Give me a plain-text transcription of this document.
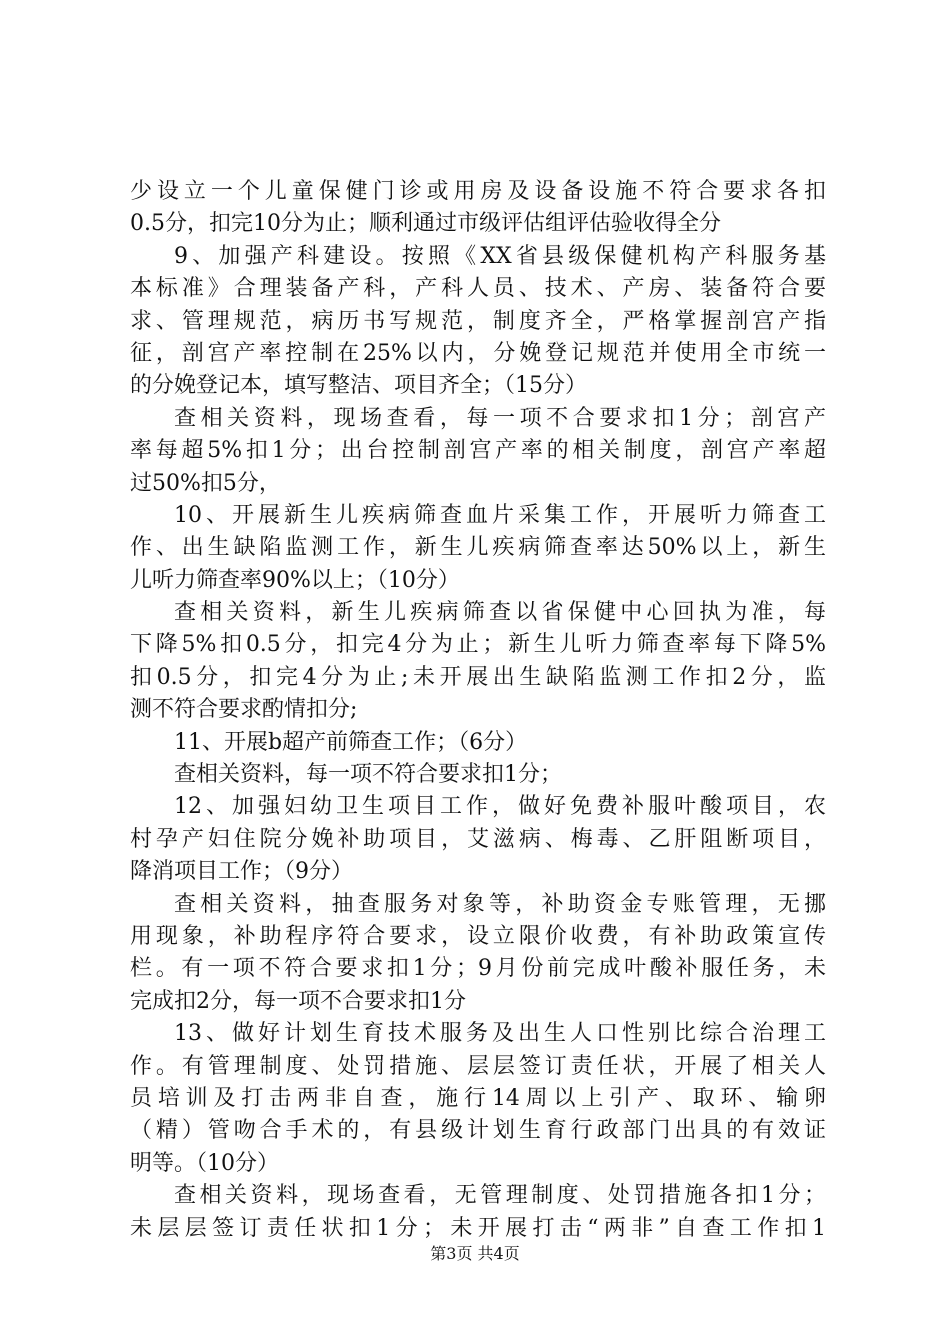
少设立一个儿童保健门诊或用房及设备设施不符合要求各扣
0.5分，扣完10分为止；顺利通过市级评估组评估验收得全分
9、加强产科建设。按照《XX省县级保健机构产科服务基
本标准》合理装备产科，产科人员、技术、产房、装备符合要
求、管理规范，病历书写规范，制度齐全，严格掌握剖宫产指
征，剖宫产率控制在25%以内，分娩登记规范并使用全市统一
的分娩登记本，填写整洁、项目齐全；（15分）
查相关资料，现场查看，每一项不合要求扣1分；剖宫产
率每超5%扣1分；出台控制剖宫产率的相关制度，剖宫产率超
过50%扣5分，
10、开展新生儿疾病筛查血片采集工作，开展听力筛查工
作、出生缺陷监测工作，新生儿疾病筛查率达50%以上，新生
儿听力筛查率90%以上；（10分）
查相关资料，新生儿疾病筛查以省保健中心回执为准，每
下降5%扣0.5分，扣完4分为止；新生儿听力筛查率每下降5%
扣0.5分，扣完4分为止;未开展出生缺陷监测工作扣2分，监
测不符合要求酌情扣分;
11、开展b超产前筛查工作；（6分）
查相关资料，每一项不符合要求扣1分；
12、加强妇幼卫生项目工作，做好免费补服叶酸项目，农
村孕产妇住院分娩补助项目，艾滋病、梅毒、乙肝阻断项目，
降消项目工作；（9分）
查相关资料，抽查服务对象等，补助资金专账管理，无挪
用现象，补助程序符合要求，设立限价收费，有补助政策宣传
栏。有一项不符合要求扣1分；9月份前完成叶酸补服任务，未
完成扣2分，每一项不合要求扣1分
13、做好计划生育技术服务及出生人口性别比综合治理工
作。有管理制度、处罚措施、层层签订责任状，开展了相关人
员培训及打击两非自查，施行14周以上引产、取环、输卵
（精）管吻合手术的，有县级计划生育行政部门出具的有效证
明等。（10分）
查相关资料，现场查看，无管理制度、处罚措施各扣1分；
未层层签订责任状扣1分；未开展打击“两非”自查工作扣1
第3页 共4页
